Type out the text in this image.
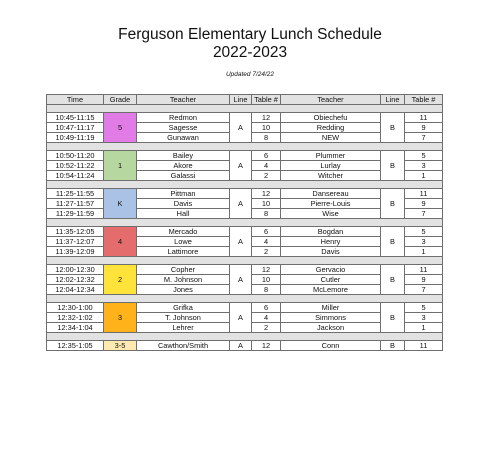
Ferguson Elementary Lunch Schedule
2022-2023
Updated 7/24/22
Time	Grade	Teacher	Line	Table #	Teacher	Line	Table #

10:45-11:15	5	Redmon	A	12	Obiechefu	B	11
10:47-11:17		Sagesse		10	Redding		9
10:49-11:19		Gunawan		8	NEW		7

10:50-11:20	1	Bailey	A	6	Plummer	B	5
10:52-11:22		Akore		4	Lurlay		3
10:54-11:24		Galassi		2	Witcher		1

11:25-11:55	K	Pittman	A	12	Dansereau	B	11
11:27-11:57		Davis		10	Pierre-Louis		9
11:29-11:59		Hall		8	Wise		7

11:35-12:05	4	Mercado	A	6	Bogdan	B	5
11:37-12:07		Lowe		4	Henry		3
11:39-12:09		Lattimore		2	Davis		1

12:00-12:30	2	Copher	A	12	Gervacio	B	11
12:02-12:32		M. Johnson		10	Cutler		9
12:04-12:34		Jones		8	McLemore		7

12:30-1:00	3	Grifka	A	6	Miller	B	5
12:32-1:02		T. Johnson		4	Simmons		3
12:34-1:04		Lehrer		2	Jackson		1

12:35-1:05	3-5	Cawthon/Smith	A	12	Conn	B	11
